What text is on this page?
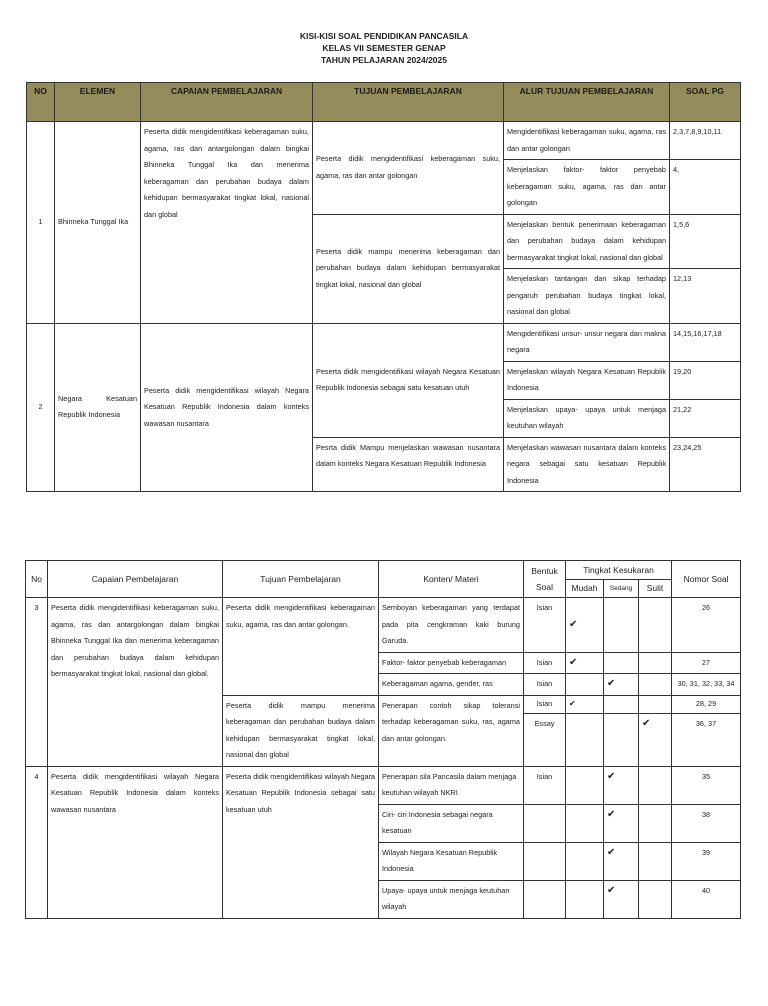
KISI-KISI SOAL PENDIDIKAN PANCASILA
KELAS VII SEMESTER GENAP
TAHUN PELAJARAN 2024/2025
NO	ELEMEN	CAPAIAN PEMBELAJARAN	TUJUAN PEMBELAJARAN	ALUR TUJUAN PEMBELAJARAN	SOAL PG
1	Bhinneka Tunggal Ika	Peserta didik mengidentifikasi keberagaman suku, agama, ras dan antargolongan dalam bingkai Bhinneka Tunggal Ika dan menerima keberagaman dan perubahan budaya dalam kehidupan bermasyarakat tingkat lokal, nasional dan global	Peserta didik mengidentifikasi keberagaman suku, agama, ras dan antar golongan	Mengidentifikasi keberagaman suku, agama, ras dan antar golongan	2,3,7,8,9,10,11
				Menjelaskan faktor- faktor penyebab keberagaman suku, agama, ras dan antar golongan	4,
			Peserta didik mampu menerima keberagaman dan perubahan budaya dalam kehidupan bermasyarakat tingkat lokal, nasional dan global	Menjelaskan bentuk penerimaan keberagaman dan perubahan budaya dalam kehidupan bermasyarakat tingkat lokal, nasional dan global	1,5,6
				Menjelaskan tantangan dan sikap terhadap pengaruh perubahan budaya tingkat lokal, nasional dan global	12,13
2	Negara Kesatuan Republik Indonesia	Peserta didik mengidentifikasi wilayah Negara Kesatuan Republik Indonesia dalam konteks wawasan nusantara	Peserta didik mengidentifikasi wilayah Negara Kesatuan Republik Indonesia sebagai satu kesatuan utuh	Mengidentifikasi unsur- unsur negara dan makna negara	14,15,16,17,18
				Menjelaskan wilayah Negara Kesatuan Republik Indonesia	19,20
				Menjelaskan upaya- upaya untuk menjaga keutuhan wilayah	21,22
			Pesrta didik Mampu menjelaskan wawasan nusantara dalam konteks Negara Kesatuan Republik Indonesia	Menjelaskan wawasan nusantara dalam konteks negara sebagai satu kesatuan Republik Indonesia	23,24,25
No	Capaian Pembelajaran	Tujuan Pembelajaran	Konten/ Materi	Bentuk Soal	Tingkat Kesukaran			Nomor Soal
					Mudah	Sedang	Sulit	
3	Peserta didik mengidentifikasi keberagaman suku, agama, ras dan antargolongan dalam bingkai Bhinneka Tunggal Ika dan menerima keberagaman dan perubahan budaya dalam kehidupan bermasyarakat tingkat lokal, nasional dan global.	Peserta didik mengidentifikasi keberagaman suku, agama, ras dan antar golongan.	Semboyan keberagaman yang terdapat pada pita cengkraman kaki burung Garuda.	Isian	✔			26
			Faktor- faktor penyebab keberagaman	Isian	✔			27
			Keberagaman agama, gender, ras	Isian		✔		30, 31, 32, 33, 34
		Peserta didik mampu menerima keberagaman dan perubahan budaya dalam kehidupan bermasyarakat tingkat lokal, nasional dan global	Penerapan contoh sikap toleransi terhadap keberagaman suku, ras, agama dan antar golongan.	Isian	✔			28, 29
				Essay			✔	36, 37
4	Peserta didik mengidentifikasi wilayah Negara Kesatuan Republik Indonesia dalam konteks wawasan nusantara	Peserta didik mengidentifikasi wilayah Negara Kesatuan Republik Indonesia sebagai satu kesatuan utuh	Penerapan sila Pancasila dalam menjaga keutuhan wilayah NKRI	Isian		✔		35
			Ciri- ciri Indonesia sebagai negara kesatuan			✔		38
			Wilayah Negara Kesatuan Republik Indonesia			✔		39
			Upaya- upaya untuk menjaga keutuhan wilayah			✔		40
